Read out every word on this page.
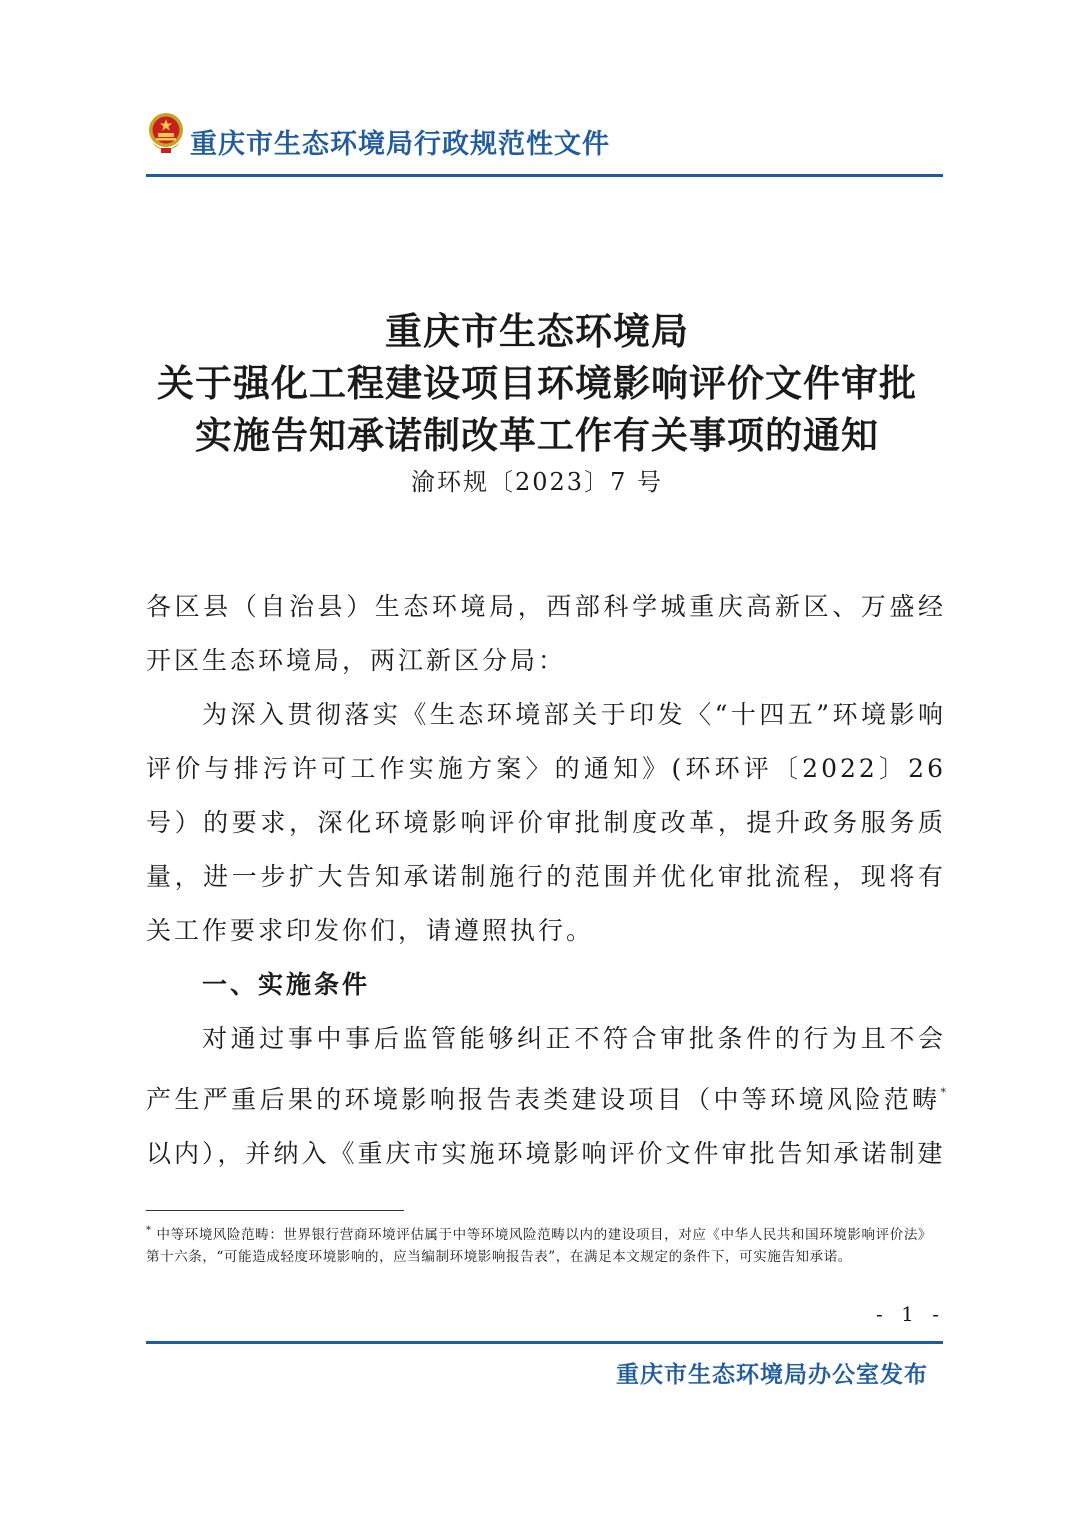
重庆市生态环境局行政规范性文件
重庆市生态环境局
关于强化工程建设项目环境影响评价文件审批
实施告知承诺制改革工作有关事项的通知
渝环规〔2023〕7 号

各区县（自治县）生态环境局，西部科学城重庆高新区、万盛经开区生态环境局，两江新区分局：

为深入贯彻落实《生态环境部关于印发〈“十四五”环境影响评价与排污许可工作实施方案〉的通知》(环环评〔2022〕26 号）的要求，深化环境影响评价审批制度改革，提升政务服务质量，进一步扩大告知承诺制施行的范围并优化审批流程，现将有关工作要求印发你们，请遵照执行。

一、实施条件

对通过事中事后监管能够纠正不符合审批条件的行为且不会产生严重后果的环境影响报告表类建设项目（中等环境风险范畴*以内），并纳入《重庆市实施环境影响评价文件审批告知承诺制建

* 中等环境风险范畴：世界银行营商环境评估属于中等环境风险范畴以内的建设项目，对应《中华人民共和国环境影响评价法》第十六条，“可能造成轻度环境影响的，应当编制环境影响报告表”，在满足本文规定的条件下，可实施告知承诺。
- 1 -
重庆市生态环境局办公室发布
